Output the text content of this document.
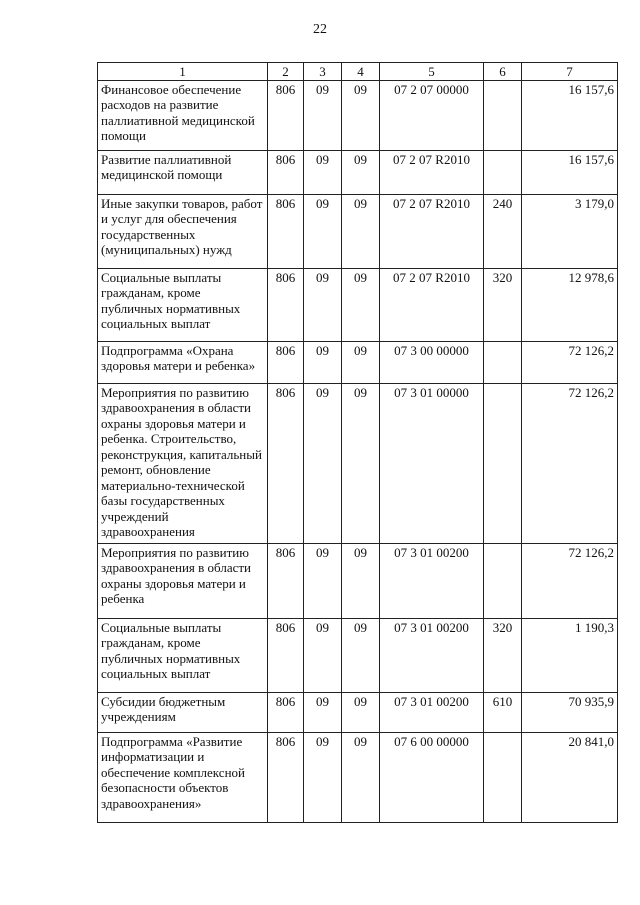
22
1	2	3	4	5	6	7
Финансовое обеспечение расходов на развитие паллиативной медицинской помощи	806	09	09	07 2 07 00000		16 157,6
Развитие паллиативной медицинской помощи	806	09	09	07 2 07 R2010		16 157,6
Иные закупки товаров, работ и услуг для обеспечения государственных (муниципальных) нужд	806	09	09	07 2 07 R2010	240	3 179,0
Социальные выплаты гражданам, кроме публичных нормативных социальных выплат	806	09	09	07 2 07 R2010	320	12 978,6
Подпрограмма «Охрана здоровья матери и ребенка»	806	09	09	07 3 00 00000		72 126,2
Мероприятия по развитию здравоохранения в области охраны здоровья матери и ребенка. Строительство, реконструкция, капитальный ремонт, обновление материально-технической базы государственных учреждений здравоохранения	806	09	09	07 3 01 00000		72 126,2
Мероприятия по развитию здравоохранения в области охраны здоровья матери и ребенка	806	09	09	07 3 01 00200		72 126,2
Социальные выплаты гражданам, кроме публичных нормативных социальных выплат	806	09	09	07 3 01 00200	320	1 190,3
Субсидии бюджетным учреждениям	806	09	09	07 3 01 00200	610	70 935,9
Подпрограмма «Развитие информатизации и обеспечение комплексной безопасности объектов здравоохранения»	806	09	09	07 6 00 00000		20 841,0
